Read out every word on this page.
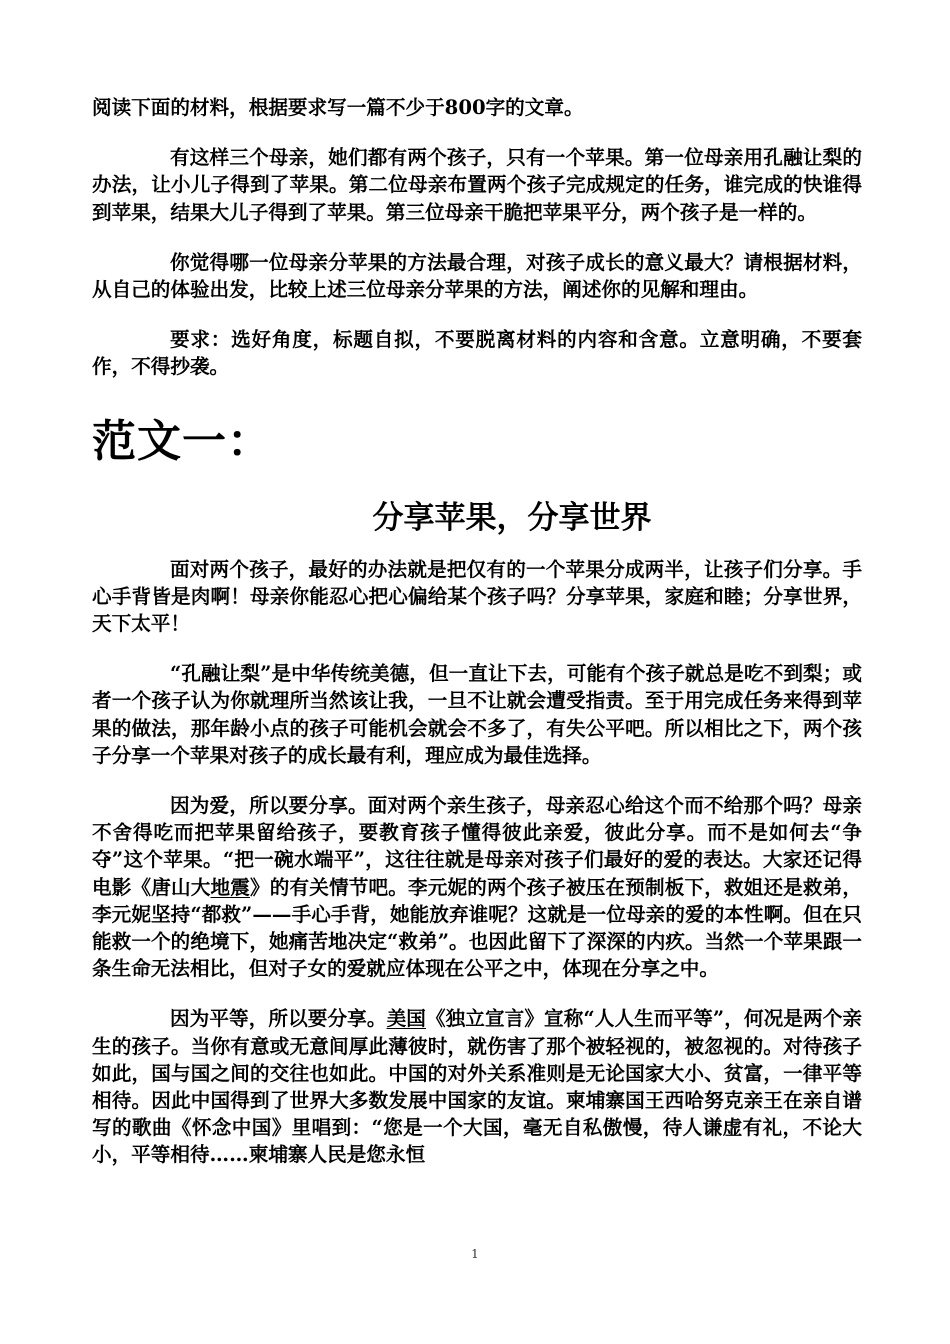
阅读下面的材料，根据要求写一篇不少于800字的文章。

有这样三个母亲，她们都有两个孩子，只有一个苹果。第一位母亲用孔融让梨的办法，让小儿子得到了苹果。第二位母亲布置两个孩子完成规定的任务，谁完成的快谁得到苹果，结果大儿子得到了苹果。第三位母亲干脆把苹果平分，两个孩子是一样的。

你觉得哪一位母亲分苹果的方法最合理，对孩子成长的意义最大？请根据材料，从自己的体验出发，比较上述三位母亲分苹果的方法，阐述你的见解和理由。

要求：选好角度，标题自拟，不要脱离材料的内容和含意。立意明确，不要套作，不得抄袭。

范文一：
分享苹果，分享世界

面对两个孩子，最好的办法就是把仅有的一个苹果分成两半，让孩子们分享。手心手背皆是肉啊！母亲你能忍心把心偏给某个孩子吗？分享苹果，家庭和睦；分享世界，天下太平！

“孔融让梨”是中华传统美德，但一直让下去，可能有个孩子就总是吃不到梨；或者一个孩子认为你就理所当然该让我，一旦不让就会遭受指责。至于用完成任务来得到苹果的做法，那年龄小点的孩子可能机会就会不多了，有失公平吧。所以相比之下，两个孩子分享一个苹果对孩子的成长最有利，理应成为最佳选择。

因为爱，所以要分享。面对两个亲生孩子，母亲忍心给这个而不给那个吗？母亲不舍得吃而把苹果留给孩子，要教育孩子懂得彼此亲爱，彼此分享。而不是如何去“争夺”这个苹果。“把一碗水端平”，这往往就是母亲对孩子们最好的爱的表达。大家还记得电影《唐山大地震》的有关情节吧。李元妮的两个孩子被压在预制板下，救姐还是救弟，李元妮坚持“都救”——手心手背，她能放弃谁呢？这就是一位母亲的爱的本性啊。但在只能救一个的绝境下，她痛苦地决定“救弟”。也因此留下了深深的内疚。当然一个苹果跟一条生命无法相比，但对子女的爱就应体现在公平之中，体现在分享之中。

因为平等，所以要分享。美国《独立宣言》宣称“人人生而平等”，何况是两个亲生的孩子。当你有意或无意间厚此薄彼时，就伤害了那个被轻视的，被忽视的。对待孩子如此，国与国之间的交往也如此。中国的对外关系准则是无论国家大小、贫富，一律平等相待。因此中国得到了世界大多数发展中国家的友谊。柬埔寨国王西哈努克亲王在亲自谱写的歌曲《怀念中国》里唱到：“您是一个大国，毫无自私傲慢，待人谦虚有礼，不论大小，平等相待……柬埔寨人民是您永恒

1
